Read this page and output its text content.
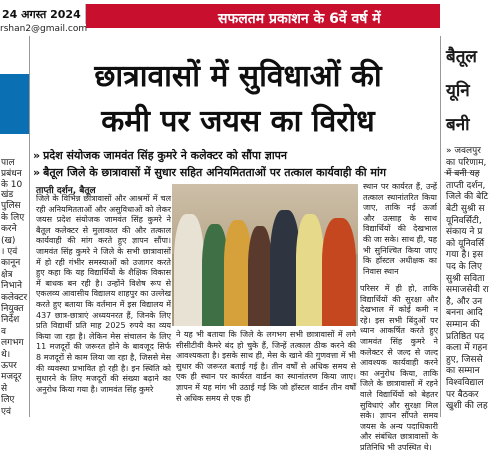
24 अगस्त 2024	सफलतम प्रकाशन के 6वें वर्ष में
rshan2@gmail.com
पाल
प्रबंधन
के 10
खंड
पुलिस
के लिए
करने
(ख)
। एवं
कानून
क्षेत्र
निभाने
कलेक्टर
नियुक्त
निर्देश
व
लगभग
थे।
ऊपर
मजदूर
से
लिए
एवं
छात्रावासों में सुविधाओं की
कमी पर जयस का विरोध
» प्रदेश संयोजक जामवंत सिंह कुमरे ने कलेक्टर को सौंपा ज्ञापन
» बैतूल जिले के छात्रावासों में सुधार सहित अनियमितताओं पर तत्काल कार्यवाही की मांग
ताप्ती दर्शन, बैतूल
जिले के विभिन्न छात्रावासों और आश्रमों में चल रही अनियमितताओं और असुविधाओं को लेकर जयस प्रदेश संयोजक जामवंत सिंह कुमरे ने बैतूल कलेक्टर से मुलाकात की और तत्काल कार्यवाही की मांग करते हुए ज्ञापन सौंपा। जामवंत सिंह कुमरे ने जिले के सभी छात्रावासों में हो रही गंभीर समस्याओं को उजागर करते हुए कहा कि यह विद्यार्थियों के शैक्षिक विकास में बाधक बन रही है। उन्होंने विशेष रूप से एकलव्य आवासीय विद्यालय शाहपुर का उल्लेख करते हुए बताया कि वर्तमान में इस विद्यालय में 437 छात्र-छात्राएं अध्ययनरत हैं, जिनके लिए प्रति विद्यार्थी प्रति माह 2025 रुपये का व्यय किया जा रहा है। लेकिन मेस संचालन के लिए 11 मजदूरों की जरूरत होने के बावजूद सिर्फ 8 मजदूरों से काम लिया जा रहा है, जिससे मेस की व्यवस्था प्रभावित हो रही है। इन स्थिति को सुधारने के लिए मजदूरों की संख्या बढ़ाने का अनुरोध किया गया है। जामवंत सिंह कुमरे
ने यह भी बताया कि जिले के लगभग सभी छात्रावासों में लगे सीसीटीवी कैमरे बंद हो चुके हैं, जिन्हें तत्काल ठीक करने की आवश्यकता है। इसके साथ ही, मेस के खाने की गुणवत्ता में भी सुधार की जरूरत बताई गई है। तीन वर्षों से अधिक समय से एक ही स्थान पर कार्यरत वार्डन का स्थानांतरण किया जाए। ज्ञापन में यह मांग भी उठाई गई कि जो हॉस्टल वार्डन तीन वर्षों से अधिक समय से एक ही
स्थान पर कार्यरत हैं, उन्हें तत्काल स्थानांतरित किया जाए, ताकि नई ऊर्जा और उत्साह के साथ विद्यार्थियों की देखभाल की जा सके। साथ ही, यह भी सुनिश्चित किया जाए कि हॉस्टल अधीक्षक का निवास स्थान
परिसर में ही हो, ताकि विद्यार्थियों की सुरक्षा और देखभाल में कोई कमी न रहे। इस सभी बिंदुओं पर ध्यान आकर्षित करते हुए जामवंत सिंह कुमरे ने कलेक्टर से जल्द से जल्द आवश्यक कार्यवाही करने का अनुरोध किया, ताकि जिले के छात्रावासों में रहने वाले विद्यार्थियों को बेहतर सुविधाएं और सुरक्षा मिल सके। ज्ञापन सौंपते समय जयस के अन्य पदाधिकारी और संबंधित छात्रावासों के प्रतिनिधि भी उपस्थित थे।
बैतूल
यूनि
बनी
» जवलपुर
का परिणाम,
में बनी यह
ताप्ती दर्शन,
जिले की बेटि
बेटी सुश्री स
यूनिवर्सिटी,
संकाय ने प्र
को यूनिवर्सि
गया है। इस
पद के लिए
सुश्री सविता
समाजसेवी रा
है, और उन
बनना आदि
सम्मान की
प्रतिष्ठित पद
कला में गहन
हुए, जिससे
का सम्मान
विश्वविद्याल
पर बैठकर
खुशी की लह
